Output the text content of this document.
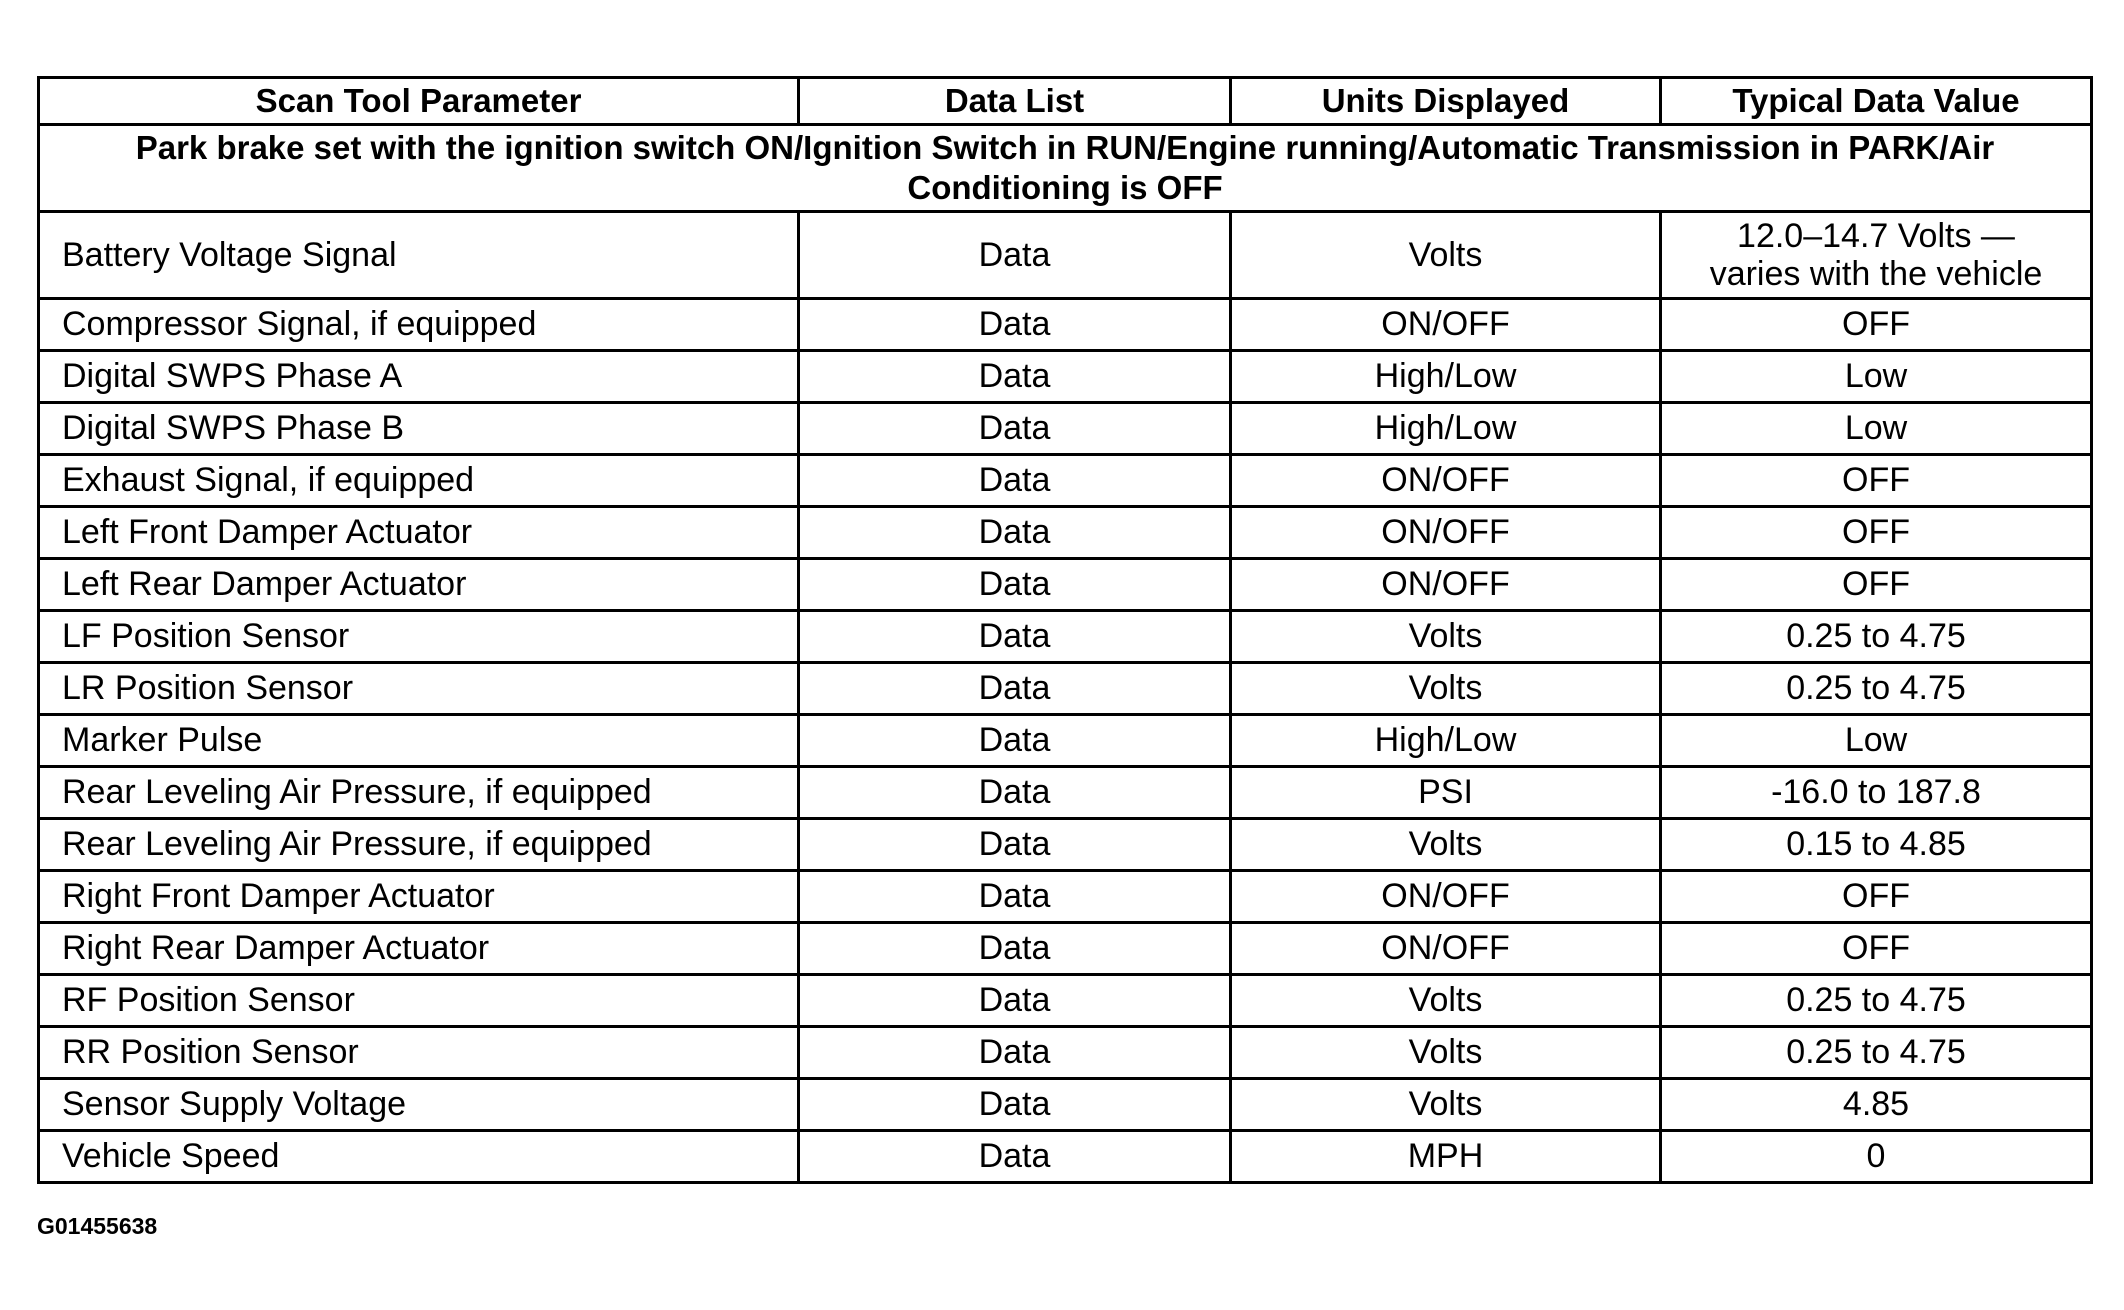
Scan Tool Parameter	Data List	Units Displayed	Typical Data Value
Park brake set with the ignition switch ON/Ignition Switch in RUN/Engine running/Automatic Transmission in PARK/Air Conditioning is OFF			
Battery Voltage Signal	Data	Volts	12.0–14.7 Volts —
varies with the vehicle
Compressor Signal, if equipped	Data	ON/OFF	OFF
Digital SWPS Phase A	Data	High/Low	Low
Digital SWPS Phase B	Data	High/Low	Low
Exhaust Signal, if equipped	Data	ON/OFF	OFF
Left Front Damper Actuator	Data	ON/OFF	OFF
Left Rear Damper Actuator	Data	ON/OFF	OFF
LF Position Sensor	Data	Volts	0.25 to 4.75
LR Position Sensor	Data	Volts	0.25 to 4.75
Marker Pulse	Data	High/Low	Low
Rear Leveling Air Pressure, if equipped	Data	PSI	-16.0 to 187.8
Rear Leveling Air Pressure, if equipped	Data	Volts	0.15 to 4.85
Right Front Damper Actuator	Data	ON/OFF	OFF
Right Rear Damper Actuator	Data	ON/OFF	OFF
RF Position Sensor	Data	Volts	0.25 to 4.75
RR Position Sensor	Data	Volts	0.25 to 4.75
Sensor Supply Voltage	Data	Volts	4.85
Vehicle Speed	Data	MPH	0
G01455638
